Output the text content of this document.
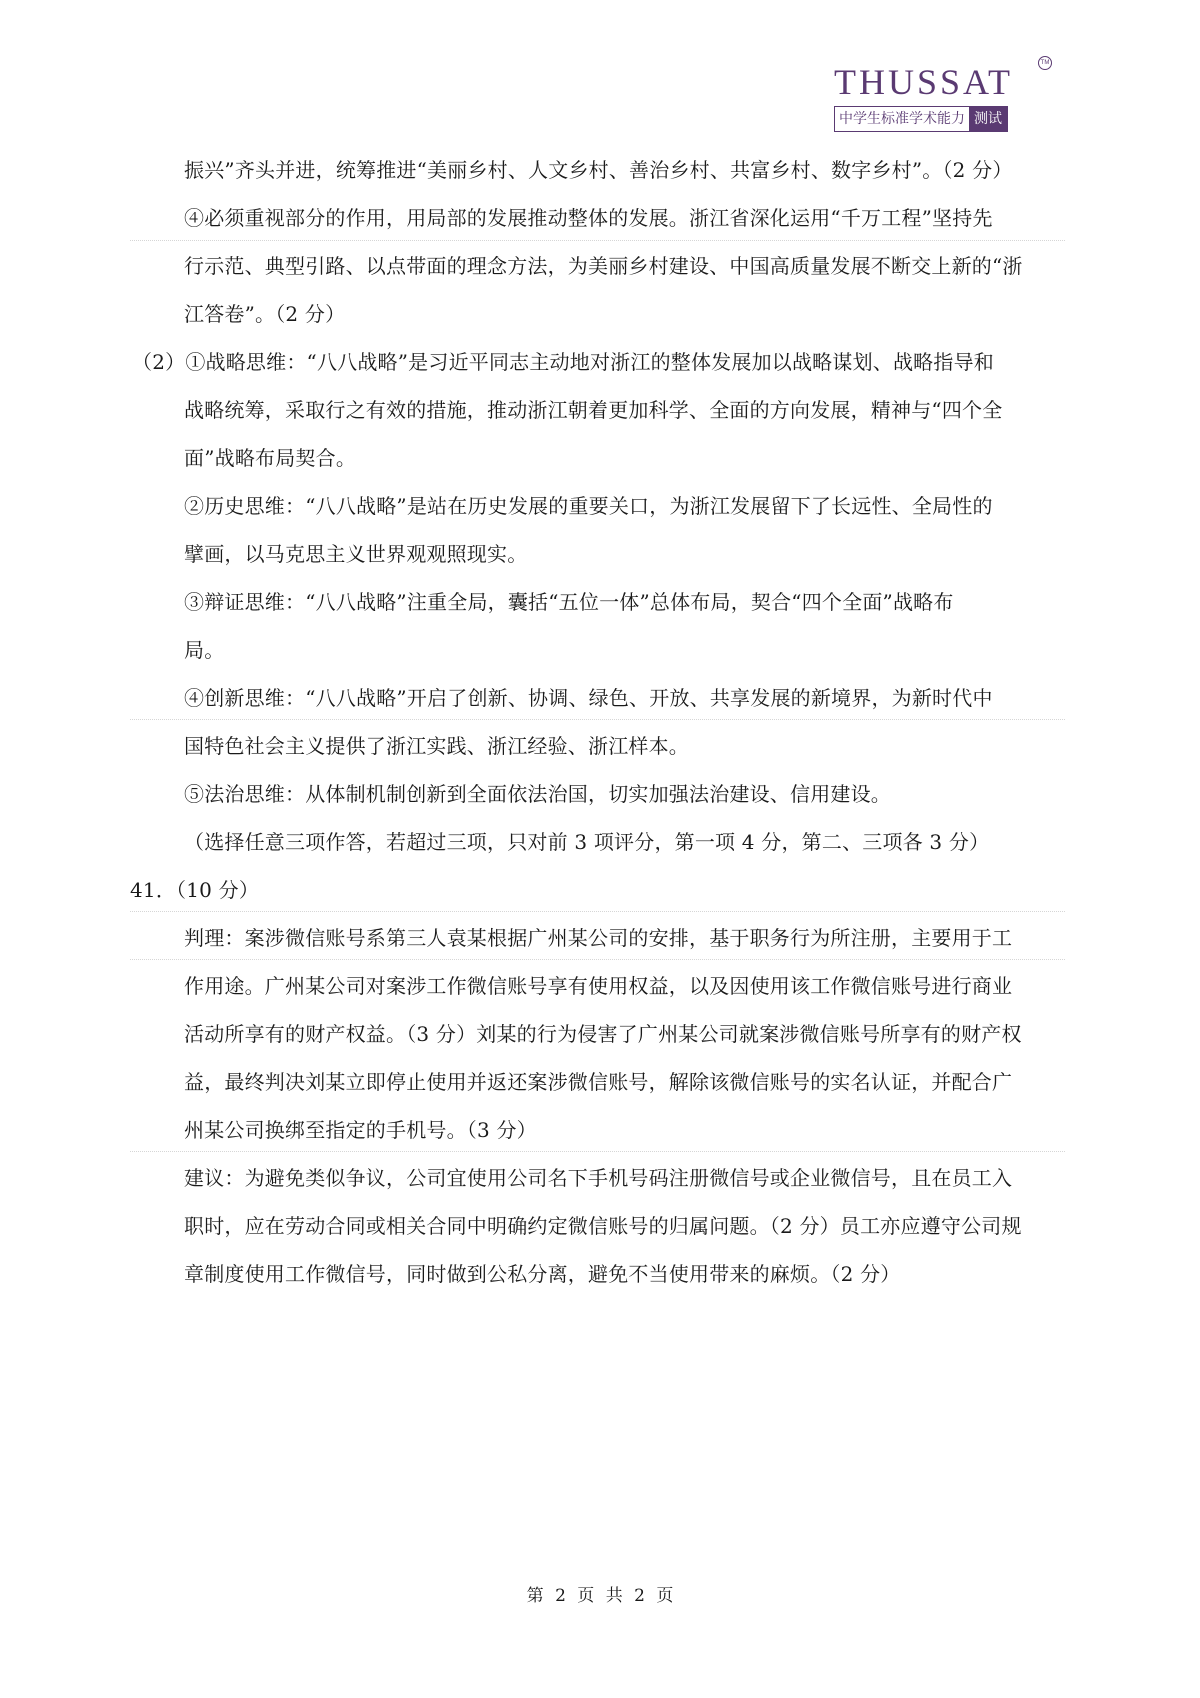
THUSSAT	TM
中学生标准学术能力 测试
振兴”齐头并进，统筹推进“美丽乡村、人文乡村、善治乡村、共富乡村、数字乡村”。（2 分）
④必须重视部分的作用，用局部的发展推动整体的发展。浙江省深化运用“千万工程”坚持先
行示范、典型引路、以点带面的理念方法，为美丽乡村建设、中国高质量发展不断交上新的“浙
江答卷”。（2 分）
（2）①战略思维：“八八战略”是习近平同志主动地对浙江的整体发展加以战略谋划、战略指导和
战略统筹，采取行之有效的措施，推动浙江朝着更加科学、全面的方向发展，精神与“四个全
面”战略布局契合。
②历史思维：“八八战略”是站在历史发展的重要关口，为浙江发展留下了长远性、全局性的
擘画，以马克思主义世界观观照现实。
③辩证思维：“八八战略”注重全局，囊括“五位一体”总体布局，契合“四个全面”战略布
局。
④创新思维：“八八战略”开启了创新、协调、绿色、开放、共享发展的新境界，为新时代中
国特色社会主义提供了浙江实践、浙江经验、浙江样本。
⑤法治思维：从体制机制创新到全面依法治国，切实加强法治建设、信用建设。
（选择任意三项作答，若超过三项，只对前 3 项评分，第一项 4 分，第二、三项各 3 分）
41．（10 分）
判理：案涉微信账号系第三人袁某根据广州某公司的安排，基于职务行为所注册，主要用于工
作用途。广州某公司对案涉工作微信账号享有使用权益，以及因使用该工作微信账号进行商业
活动所享有的财产权益。（3 分）刘某的行为侵害了广州某公司就案涉微信账号所享有的财产权
益，最终判决刘某立即停止使用并返还案涉微信账号，解除该微信账号的实名认证，并配合广
州某公司换绑至指定的手机号。（3 分）
建议：为避免类似争议，公司宜使用公司名下手机号码注册微信号或企业微信号，且在员工入
职时，应在劳动合同或相关合同中明确约定微信账号的归属问题。（2 分）员工亦应遵守公司规
章制度使用工作微信号，同时做到公私分离，避免不当使用带来的麻烦。（2 分）
第 2 页 共 2 页
